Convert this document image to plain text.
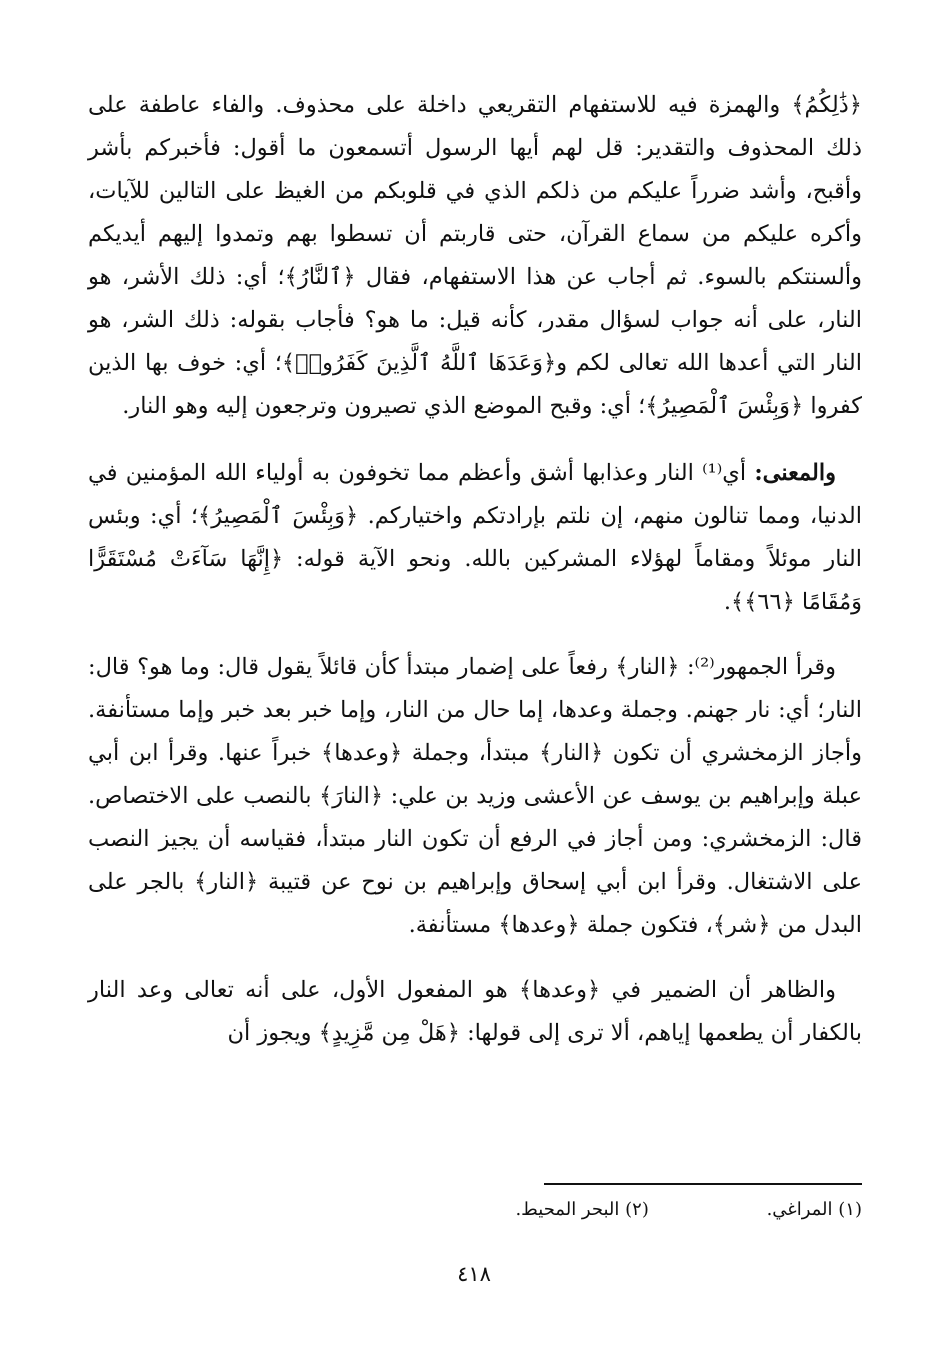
﴿ذَٰلِكُمُ﴾ والهمزة فيه للاستفهام التقريعي داخلة على محذوف. والفاء عاطفة على ذلك المحذوف والتقدير: قل لهم أيها الرسول أتسمعون ما أقول: فأخبركم بأشر وأقبح، وأشد ضرراً عليكم من ذلكم الذي في قلوبكم من الغيظ على التالين للآيات، وأكره عليكم من سماع القرآن، حتى قاربتم أن تسطوا بهم وتمدوا إليهم أيديكم وألسنتكم بالسوء. ثم أجاب عن هذا الاستفهام، فقال ﴿ٱلنَّارُ﴾؛ أي: ذلك الأشر، هو النار، على أنه جواب لسؤال مقدر، كأنه قيل: ما هو؟ فأجاب بقوله: ذلك الشر، هو النار التي أعدها الله تعالى لكم و﴿وَعَدَهَا ٱللَّهُ ٱلَّذِينَ كَفَرُوا۟﴾؛ أي: خوف بها الذين كفروا ﴿وَبِئْسَ ٱلْمَصِيرُ﴾؛ أي: وقبح الموضع الذي تصيرون وترجعون إليه وهو النار.

والمعنى: أي⁽¹⁾ النار وعذابها أشق وأعظم مما تخوفون به أولياء الله المؤمنين في الدنيا، ومما تنالون منهم، إن نلتم بإرادتكم واختياركم. ﴿وَبِئْسَ ٱلْمَصِيرُ﴾؛ أي: وبئس النار موئلاً ومقاماً لهؤلاء المشركين بالله. ونحو الآية قوله: ﴿إِنَّهَا سَآءَتْ مُسْتَقَرًّا وَمُقَامًا ﴿٦٦﴾﴾.

وقرأ الجمهور⁽²⁾: ﴿النار﴾ رفعاً على إضمار مبتدأ كأن قائلاً يقول قال: وما هو؟ قال: النار؛ أي: نار جهنم. وجملة وعدها، إما حال من النار، وإما خبر بعد خبر وإما مستأنفة. وأجاز الزمخشري أن تكون ﴿النار﴾ مبتدأ، وجملة ﴿وعدها﴾ خبراً عنها. وقرأ ابن أبي عبلة وإبراهيم بن يوسف عن الأعشى وزيد بن علي: ﴿النارَ﴾ بالنصب على الاختصاص. قال: الزمخشري: ومن أجاز في الرفع أن تكون النار مبتدأ، فقياسه أن يجيز النصب على الاشتغال. وقرأ ابن أبي إسحاق وإبراهيم بن نوح عن قتيبة ﴿النار﴾ بالجر على البدل من ﴿شر﴾، فتكون جملة ﴿وعدها﴾ مستأنفة.

والظاهر أن الضمير في ﴿وعدها﴾ هو المفعول الأول، على أنه تعالى وعد النار بالكفار أن يطعمها إياهم، ألا ترى إلى قولها: ﴿هَلْ مِن مَّزِيدٍ﴾ ويجوز أن

(١) المراغي. (٢) البحر المحيط.
٤١٨
